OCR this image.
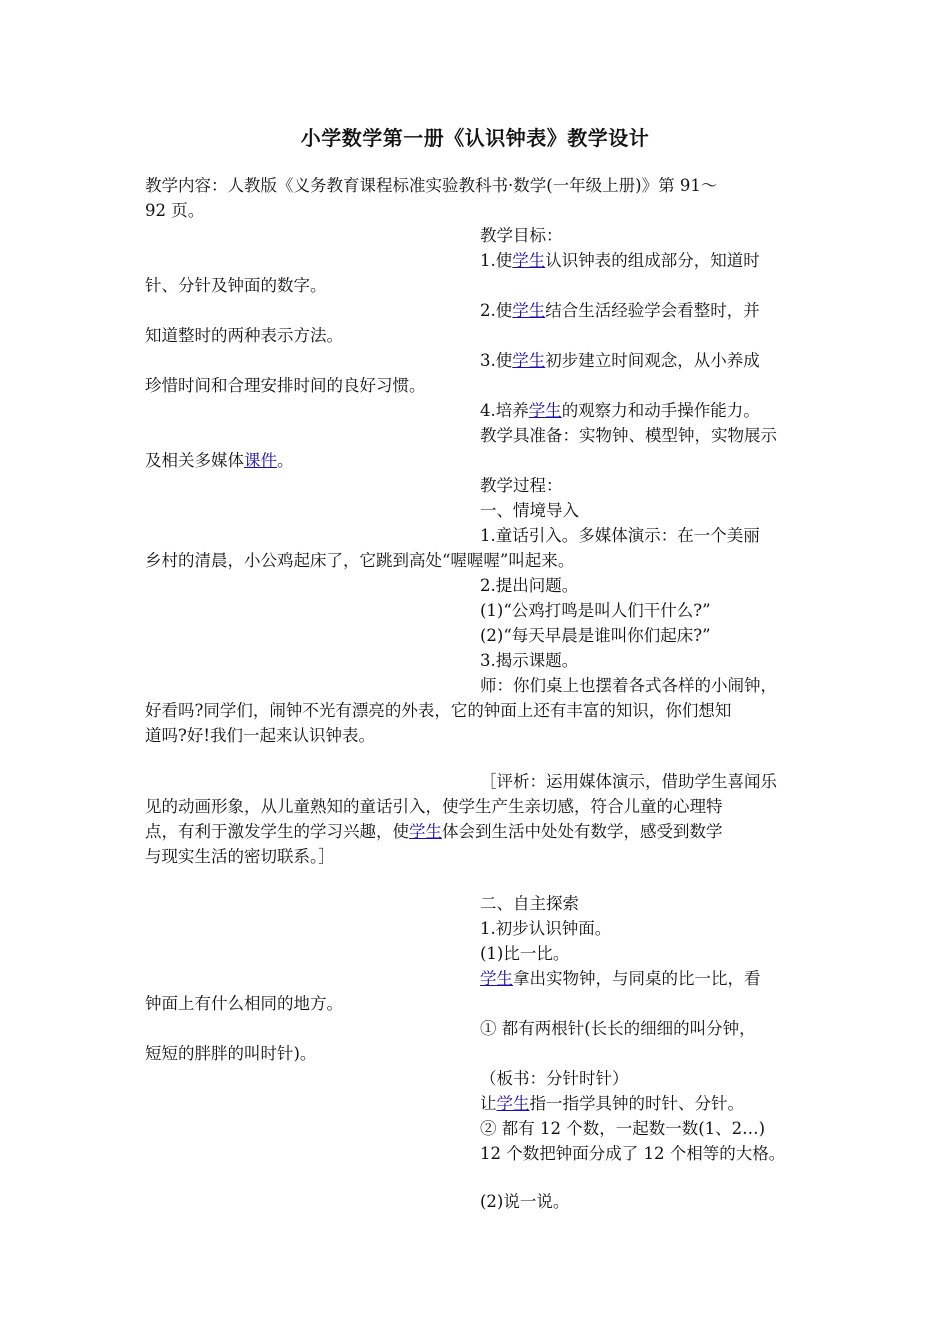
小学数学第一册《认识钟表》教学设计
教学内容：人教版《义务教育课程标准实验教科书·数学(一年级上册)》第 91～
92 页。
教学目标：
1.使学生认识钟表的组成部分，知道时
针、分针及钟面的数字。
2.使学生结合生活经验学会看整时，并
知道整时的两种表示方法。
3.使学生初步建立时间观念，从小养成
珍惜时间和合理安排时间的良好习惯。
4.培养学生的观察力和动手操作能力。
教学具准备：实物钟、模型钟，实物展示
及相关多媒体课件。
教学过程：
一、情境导入
1.童话引入。多媒体演示：在一个美丽
乡村的清晨，小公鸡起床了，它跳到高处“喔喔喔”叫起来。
2.提出问题。
(1)“公鸡打鸣是叫人们干什么?”
(2)“每天早晨是谁叫你们起床?”
3.揭示课题。
师：你们桌上也摆着各式各样的小闹钟，
好看吗?同学们，闹钟不光有漂亮的外表，它的钟面上还有丰富的知识，你们想知
道吗?好!我们一起来认识钟表。
［评析：运用媒体演示，借助学生喜闻乐
见的动画形象，从儿童熟知的童话引入，使学生产生亲切感，符合儿童的心理特
点，有利于激发学生的学习兴趣，使学生体会到生活中处处有数学，感受到数学
与现实生活的密切联系。］
二、自主探索
1.初步认识钟面。
(1)比一比。
学生拿出实物钟，与同桌的比一比，看
钟面上有什么相同的地方。
① 都有两根针(长长的细细的叫分钟，
短短的胖胖的叫时针)。
（板书：分针时针）
让学生指一指学具钟的时针、分针。
② 都有 12 个数，一起数一数(1、2…)
12 个数把钟面分成了 12 个相等的大格。
(2)说一说。
